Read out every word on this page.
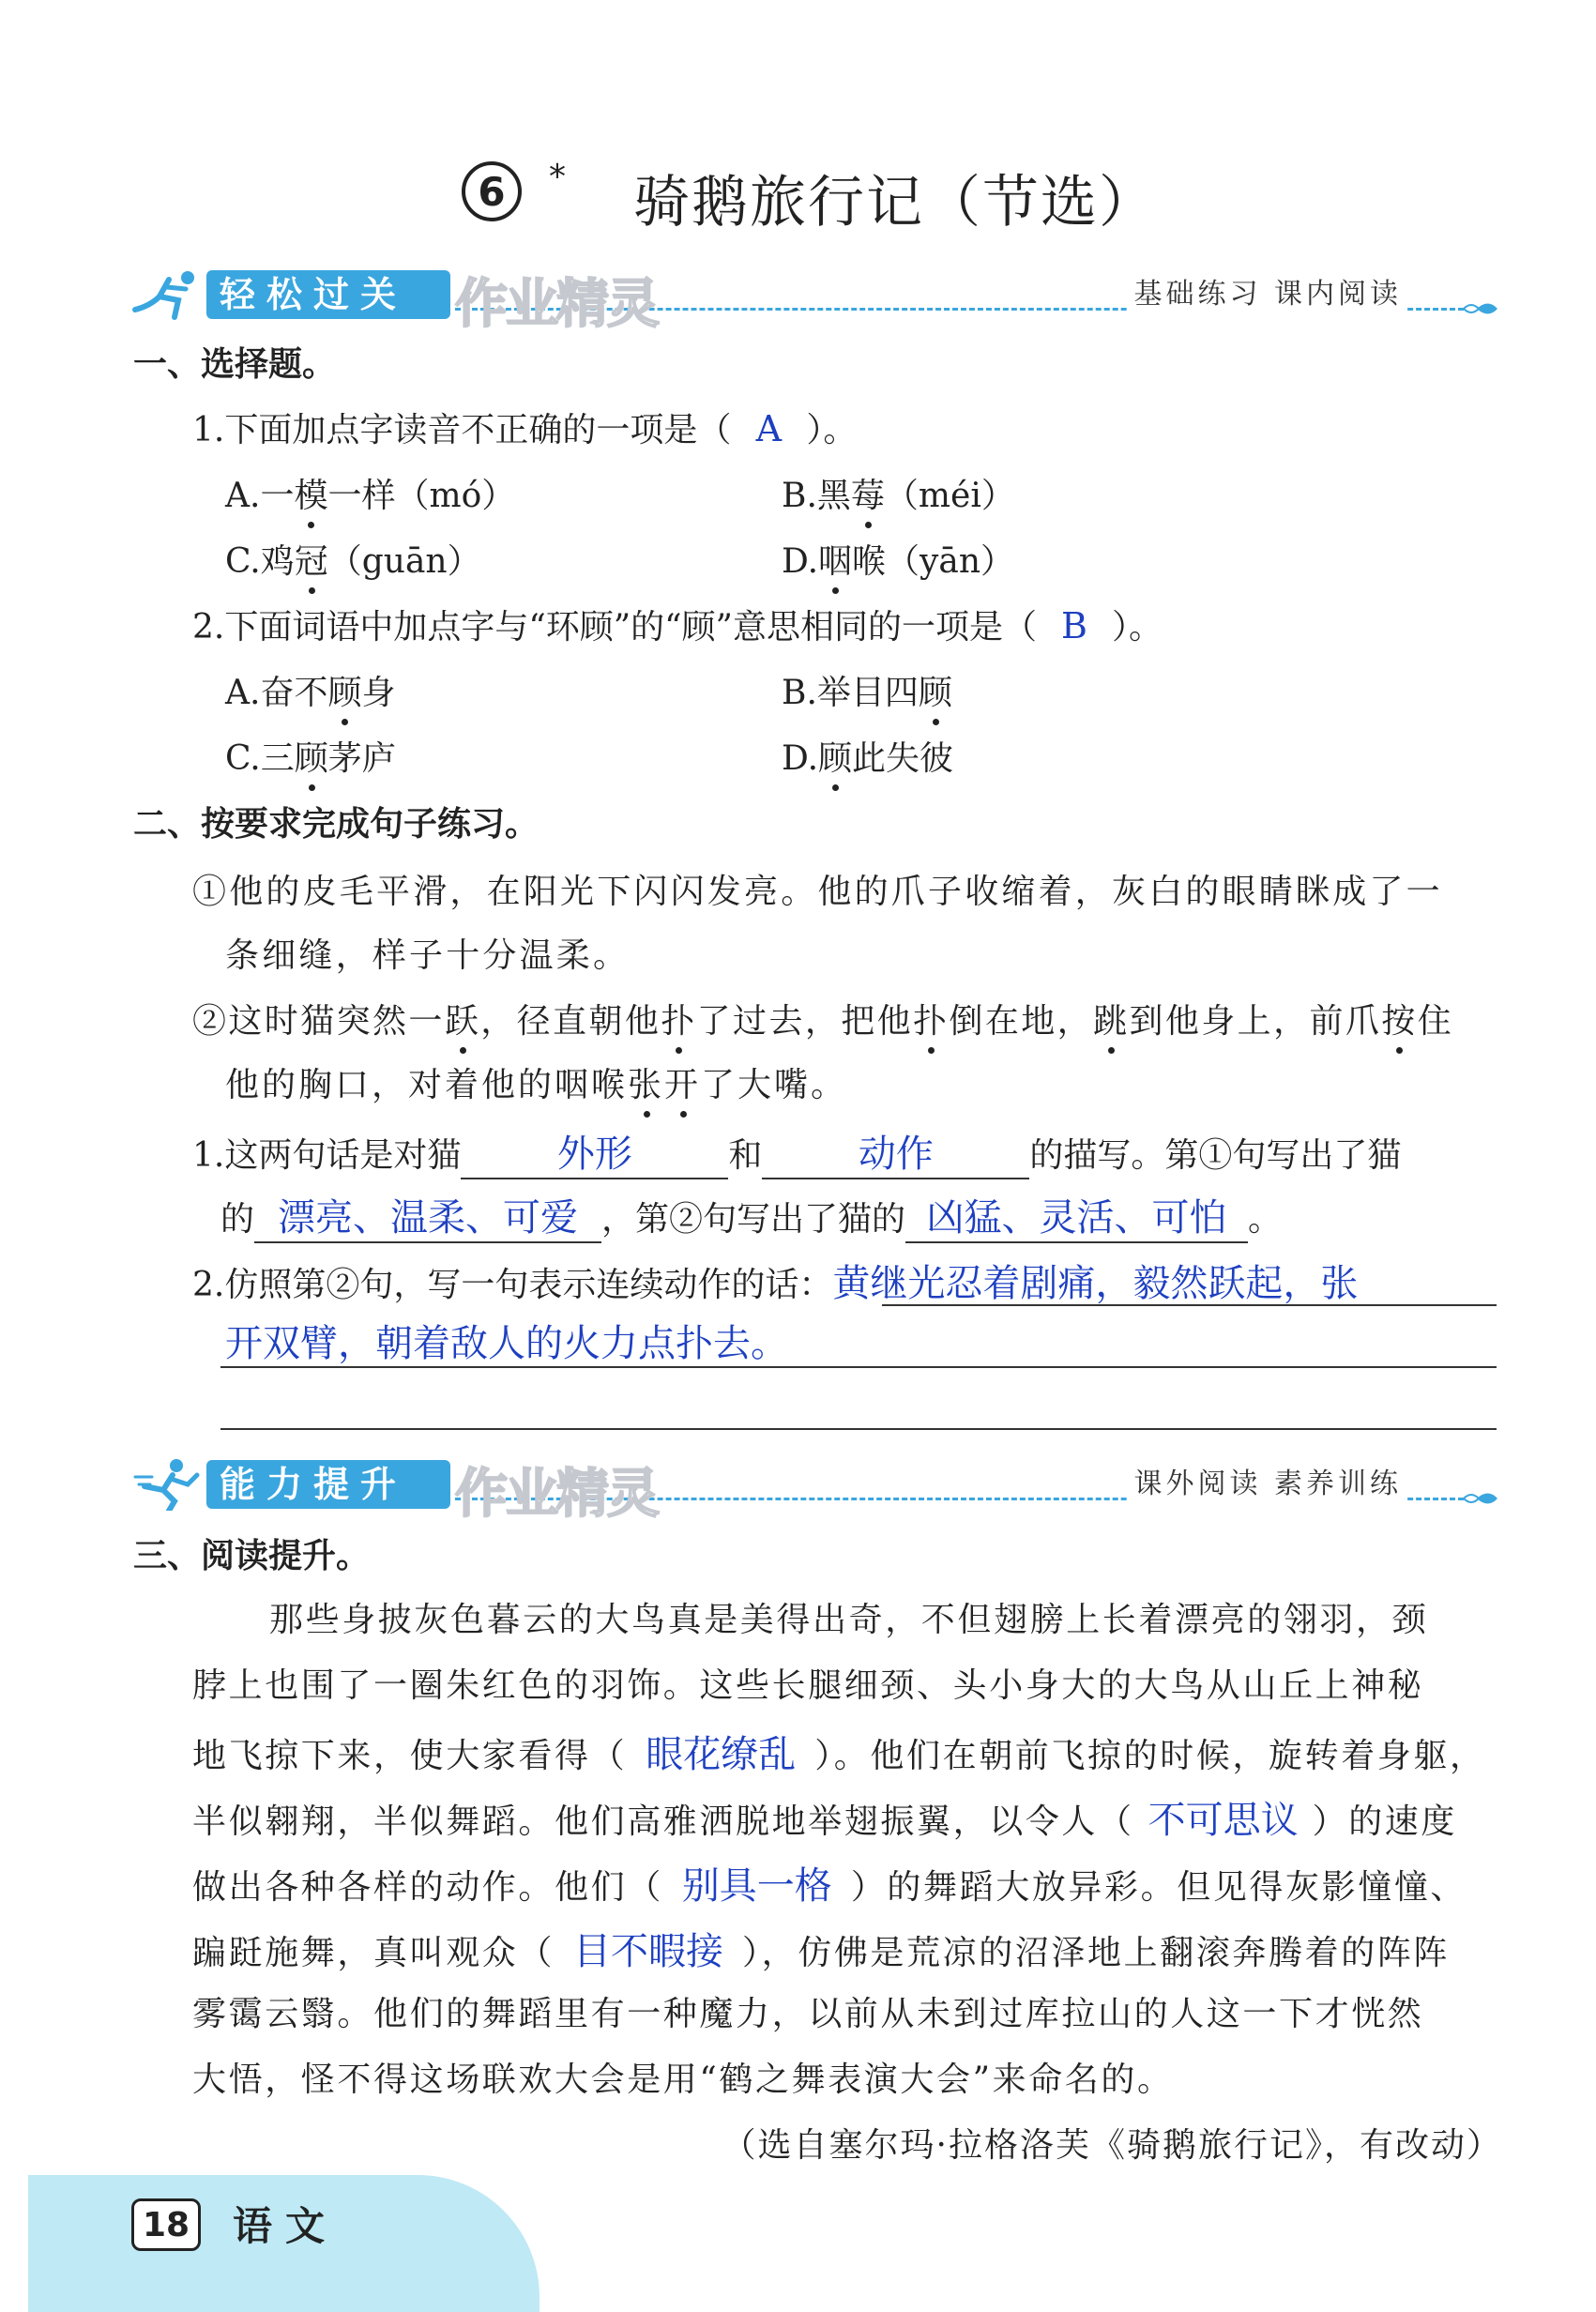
6	* 骑鹅旅行记（节选）
轻松过关 作业精灵	基础练习 课内阅读
一、选择题。
1.下面加点字读音不正确的一项是（ A ）。
A.一模一样（mó）	B.黑莓（méi）
C.鸡冠（guān）	D.咽喉（yān）
2.下面词语中加点字与“环顾”的“顾”意思相同的一项是（ B ）。
A.奋不顾身	B.举目四顾
C.三顾茅庐	D.顾此失彼
二、按要求完成句子练习。
①他的皮毛平滑，在阳光下闪闪发亮。他的爪子收缩着，灰白的眼睛眯成了一
条细缝，样子十分温柔。
②这时猫突然一跃，径直朝他扑了过去，把他扑倒在地，跳到他身上，前爪按住
他的胸口，对着他的咽喉张开了大嘴。
1.这两句话是对猫	外形	和	动作	的描写。第①句写出了猫
的 漂亮、温柔、可爱 ，第②句写出了猫的 凶猛、灵活、可怕 。
2.仿照第②句，写一句表示连续动作的话：黄继光忍着剧痛，毅然跃起，张
开双臂，朝着敌人的火力点扑去。
能力提升 作业精灵	课外阅读 素养训练
三、阅读提升。
那些身披灰色暮云的大鸟真是美得出奇，不但翅膀上长着漂亮的翎羽，颈
脖上也围了一圈朱红色的羽饰。这些长腿细颈、头小身大的大鸟从山丘上神秘
地飞掠下来，使大家看得（ 眼花缭乱 ）。他们在朝前飞掠的时候，旋转着身躯，
半似翱翔，半似舞蹈。他们高雅洒脱地举翅振翼，以令人（ 不可思议 ）的速度
做出各种各样的动作。他们（ 别具一格 ）的舞蹈大放异彩。但见得灰影憧憧、
蹁跹施舞，真叫观众（ 目不暇接 ），仿佛是荒凉的沼泽地上翻滚奔腾着的阵阵
雾霭云翳。他们的舞蹈里有一种魔力，以前从未到过库拉山的人这一下才恍然
大悟，怪不得这场联欢大会是用“鹤之舞表演大会”来命名的。
（选自塞尔玛·拉格洛芙《骑鹅旅行记》，有改动）
18 语文
